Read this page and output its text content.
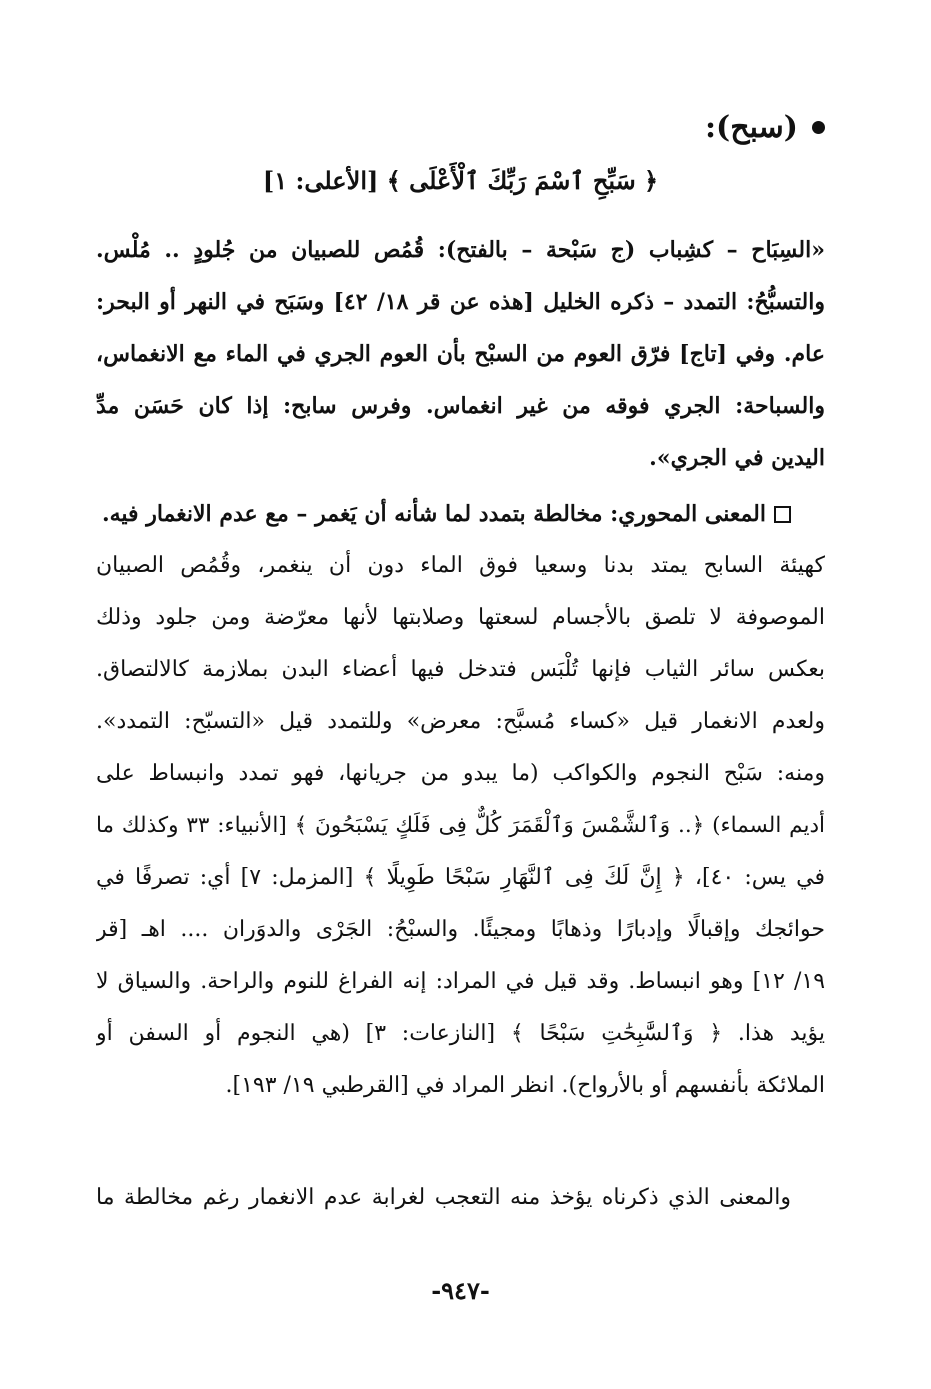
(سبح):
﴿ سَبِّحِ ٱسْمَ رَبِّكَ ٱلْأَعْلَى ﴾ [الأعلى: ١]
«السِبَاح – كشِباب (ج سَبْحة – بالفتح): قُمُص للصبيان من جُلودٍ .. مُلْس.
والتسبُّحُ: التمدد – ذكره الخليل [هذه عن قر ١٨/ ٤٢] وسَبَح في النهر أو البحر:
عام. وفي [تاج] فرّق العوم من السبْح بأن العوم الجري في الماء مع الانغماس،
والسباحة: الجري فوقه من غير انغماس. وفرس سابح: إذا كان حَسَن مدِّ
اليدين في الجري».
المعنى المحوري: مخالطة بتمدد لما شأنه أن يَغمر – مع عدم الانغمار فيه.
كهيئة السابح يمتد بدنا وسعيا فوق الماء دون أن ينغمر، وقُمُص الصبيان
الموصوفة لا تلصق بالأجسام لسعتها وصلابتها لأنها معرّضة ومن جلود وذلك
بعكس سائر الثياب فإنها تُلْبَس فتدخل فيها أعضاء البدن بملازمة كالالتصاق.
ولعدم الانغمار قيل «كساء مُسبَّح: معرض» وللتمدد قيل «التسبّح: التمدد».
ومنه: سَبْح النجوم والكواكب (ما يبدو من جريانها، فهو تمدد وانبساط على
أديم السماء) ﴿.. وَٱلشَّمْسَ وَٱلْقَمَرَ كُلٌّ فِى فَلَكٍ يَسْبَحُونَ ﴾ [الأنبياء: ٣٣ وكذلك ما
في يس: ٤٠]، ﴿ إِنَّ لَكَ فِى ٱلنَّهَارِ سَبْحًا طَوِيلًا ﴾ [المزمل: ٧] أي: تصرفًا في
حوائجك وإقبالًا وإدبارًا وذهابًا ومجيئًا. والسبْحُ: الجَرْى والدوَران .... اهـ [قر
١٩/ ١٢] وهو انبساط. وقد قيل في المراد: إنه الفراغ للنوم والراحة. والسياق لا
يؤيد هذا. ﴿ وَٱلسَّٰبِحَٰتِ سَبْحًا ﴾ [النازعات: ٣] (هي النجوم أو السفن أو
الملائكة بأنفسهم أو بالأرواح). انظر المراد في [القرطبي ١٩/ ١٩٣].
والمعنى الذي ذكرناه يؤخذ منه التعجب لغرابة عدم الانغمار رغم مخالطة ما
-٩٤٧-
